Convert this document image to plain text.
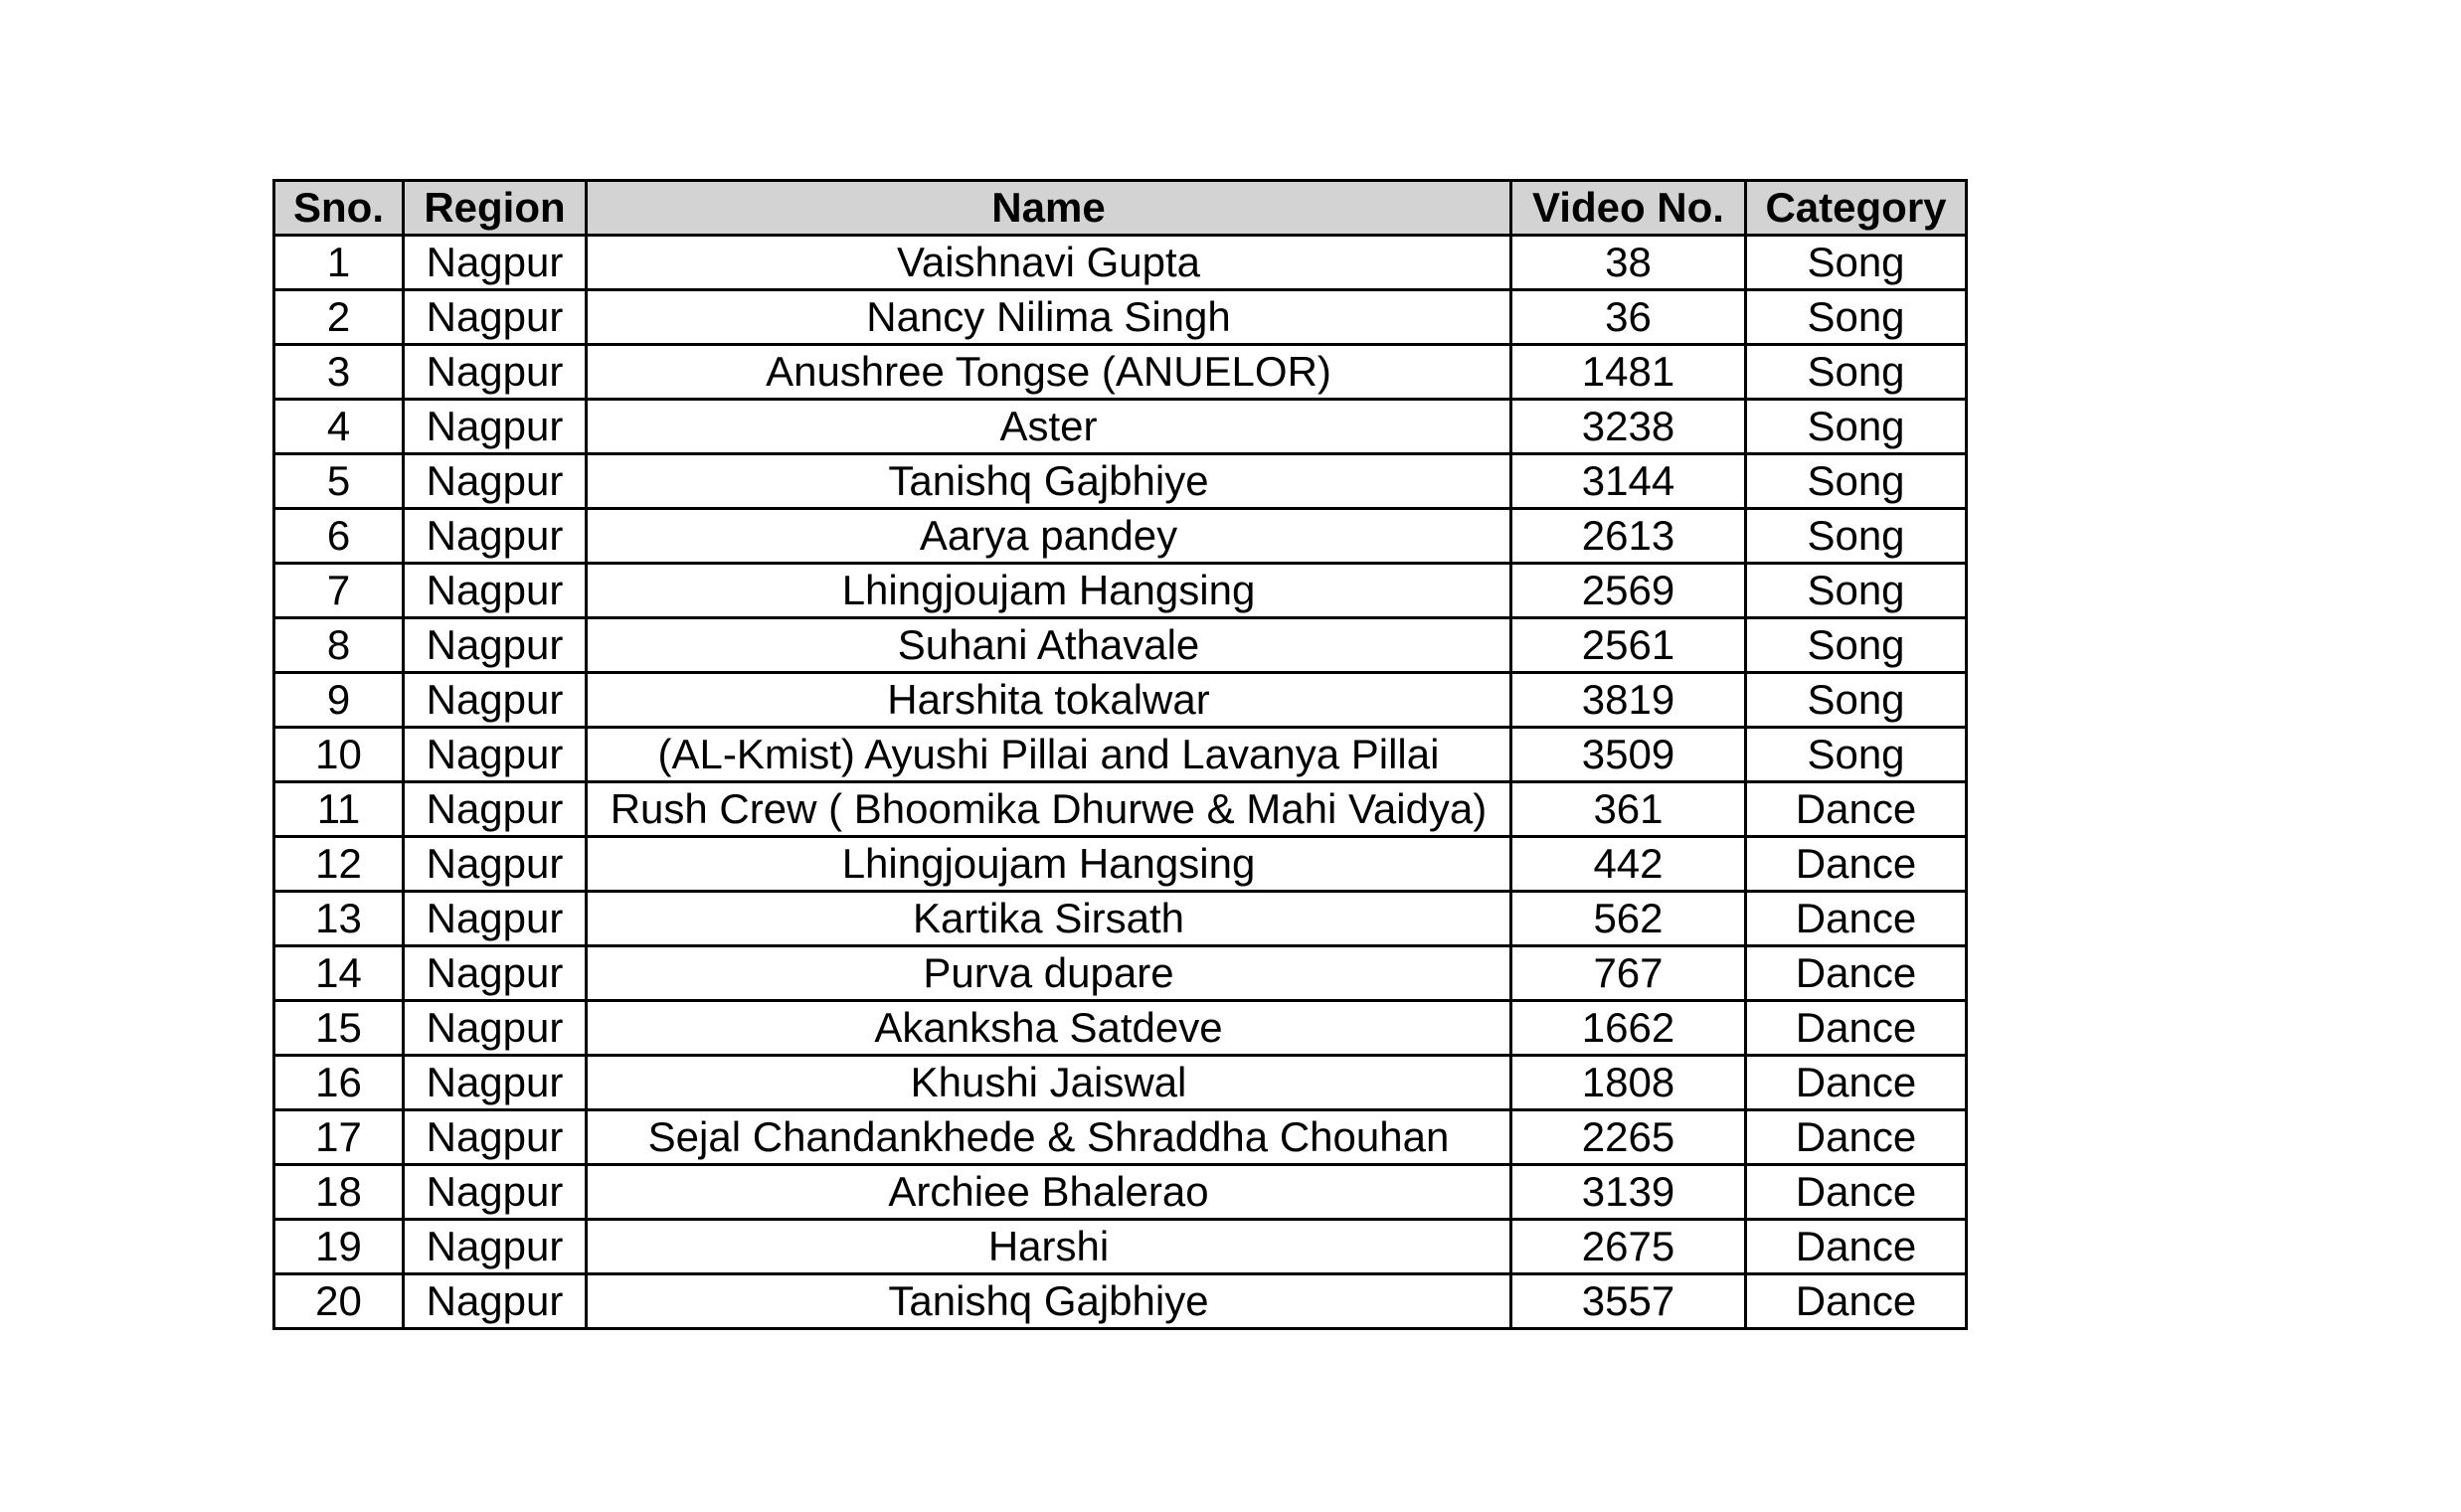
Sno.	Region	Name	Video No.	Category
1	Nagpur	Vaishnavi Gupta	38	Song
2	Nagpur	Nancy Nilima Singh	36	Song
3	Nagpur	Anushree Tongse (ANUELOR)	1481	Song
4	Nagpur	Aster	3238	Song
5	Nagpur	Tanishq Gajbhiye	3144	Song
6	Nagpur	Aarya pandey	2613	Song
7	Nagpur	Lhingjoujam Hangsing	2569	Song
8	Nagpur	Suhani Athavale	2561	Song
9	Nagpur	Harshita tokalwar	3819	Song
10	Nagpur	(AL-Kmist) Ayushi Pillai and Lavanya Pillai	3509	Song
11	Nagpur	Rush Crew ( Bhoomika Dhurwe & Mahi Vaidya)	361	Dance
12	Nagpur	Lhingjoujam Hangsing	442	Dance
13	Nagpur	Kartika Sirsath	562	Dance
14	Nagpur	Purva dupare	767	Dance
15	Nagpur	Akanksha Satdeve	1662	Dance
16	Nagpur	Khushi Jaiswal	1808	Dance
17	Nagpur	Sejal Chandankhede & Shraddha Chouhan	2265	Dance
18	Nagpur	Archiee Bhalerao	3139	Dance
19	Nagpur	Harshi	2675	Dance
20	Nagpur	Tanishq Gajbhiye	3557	Dance
